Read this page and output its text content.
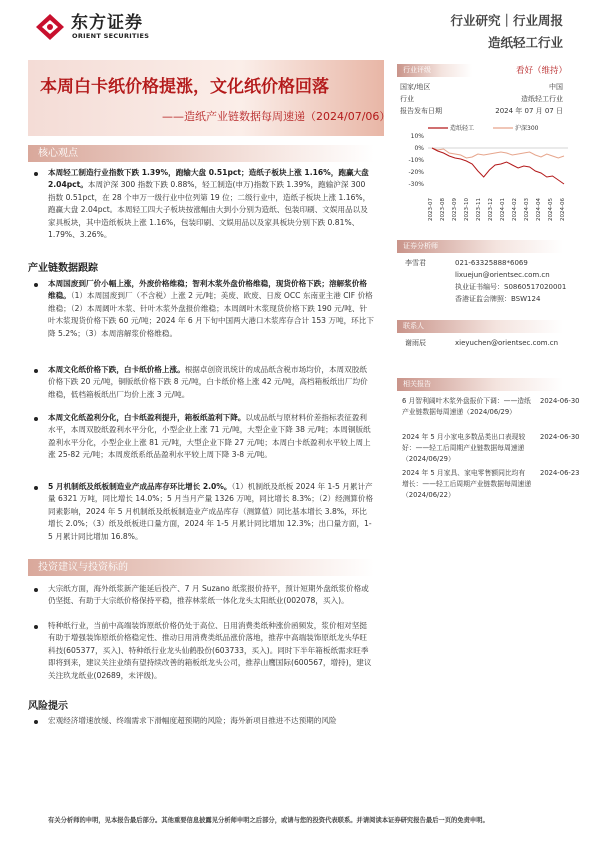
东方证券
ORIENT SECURITIES
行业研究｜行业周报
造纸轻工行业
本周白卡纸价格提涨，文化纸价格回落
——造纸产业链数据每周速递（2024/07/06）
核心观点
本周轻工制造行业指数下跌 1.39%，跑输大盘 0.51pct；造纸子板块上涨 1.16%，跑赢大盘 2.04pct。本周沪深 300 指数下跌 0.88%，轻工制造(申万)指数下跌 1.39%，跑输沪深 300 指数 0.51pct，在 28 个申万一级行业中位列第 19 位；二级行业中，造纸子板块上涨 1.16%，跑赢大盘 2.04pct。本周轻工四大子板块按涨幅由大到小分别为造纸、包装印刷、文娱用品以及家具板块，其中造纸板块上涨 1.16%，包装印刷、文娱用品以及家具板块分别下跌 0.81%、1.79%、3.26%。
产业链数据跟踪
本周国废到厂价小幅上涨，外废价格维稳；智利木浆外盘价格维稳，现货价格下跌；溶解浆价格维稳。（1）本周国废到厂（不含税）上涨 2 元/吨；美废、欧废、日废 OCC 东南亚主港 CIF 价格维稳；（2）本周阔叶木浆、针叶木浆外盘报价维稳；本周阔叶木浆现货价格下跌 190 元/吨、针叶木浆现货价格下跌 60 元/吨；2024 年 6 月下旬中国两大港口木浆库存合计 153 万吨，环比下降 5.2%；（3）本周溶解浆价格维稳。
本周文化纸价格下跌，白卡纸价格上涨。根据卓创资讯统计的成品纸含税市场均价，本周双胶纸价格下跌 20 元/吨，铜版纸价格下跌 8 元/吨，白卡纸价格上涨 42 元/吨，高档箱板纸出厂均价维稳，低档箱板纸出厂均价上涨 3 元/吨。
本周文化纸盈利分化，白卡纸盈利提升，箱板纸盈利下降。以成品纸与原材料价差指标表征盈利水平，本周双胶纸盈利水平分化，小型企业上涨 71 元/吨，大型企业下降 38 元/吨；本周铜版纸盈利水平分化，小型企业上涨 81 元/吨，大型企业下降 27 元/吨；本周白卡纸盈利水平较上周上涨 25-82 元/吨；本周废纸系纸品盈利水平较上周下降 3-8 元/吨。
5 月机制纸及纸板制造业产成品库存环比增长 2.0%。（1）机制纸及纸板 2024 年 1-5 月累计产量 6321 万吨，同比增长 14.0%；5 月当月产量 1326 万吨，同比增长 8.3%；（2）经测算价格同素影响，2024 年 5 月机制纸及纸板制造业产成品库存（测算值）同比基本增长 3.8%，环比增长 2.0%；（3）纸及纸板进口量方面，2024 年 1-5 月累计同比增加 12.3%；出口量方面，1-5 月累计同比增加 16.8%。
投资建议与投资标的
大宗纸方面，海外纸浆新产能延后投产、7 月 Suzano 纸浆报价持平，预计短期外盘纸浆价格或仍坚挺、有助于大宗纸价格保持平稳，推荐林浆纸一体化龙头太阳纸业(002078，买入)。
特种纸行业，当前中高端装饰原纸价格仍处于高位、日用消费类纸种涨价函频发，浆价相对坚挺有助于增强装饰原纸价格稳定性、推动日用消费类纸品涨价落地，推荐中高端装饰原纸龙头华旺科技(605377，买入)、特种纸行业龙头仙鹤股份(603733，买入)。同时下半年箱板纸需求旺季即将到来，建议关注业绩有望持续改善的箱板纸龙头公司，推荐山鹰国际(600567，增持)，建议关注玖龙纸业(02689，未评级)。
风险提示
宏观经济增速放缓、终端需求下滑幅度超预期的风险；海外新项目推进不达预期的风险
行业评级	看好（维持）
国家/地区	中国
行业	造纸轻工行业
报告发布日期	2024 年 07 月 07 日
造纸轻工	沪深300
10%
0%
-10%
-20%
-30%
2023-07 2023-08 2023-09 2023-10 2023-11 2023-12 2024-01 2024-02 2024-03 2024-04 2024-05 2024-06
证券分析师
李雪君	021-63325888*6069
lixuejun@orientsec.com.cn
执业证书编号：S0860517020001
香港证监会牌照：BSW124
联系人
谢雨辰	xieyuchen@orientsec.com.cn
相关报告
6 月智利阔叶木浆外盘报价下调：——造纸产业链数据每周速递（2024/06/29）
2024-06-30
2024 年 5 月小家电多数品类出口表现较好：——轻工后周期产业链数据每周速递（2024/06/29）
2024-06-30
2024 年 5 月家具、家电零售额同比均有增长：——轻工后周期产业链数据每周速递（2024/06/22）
2024-06-23
有关分析师的申明，见本报告最后部分。其他重要信息披露见分析师申明之后部分，或请与您的投资代表联系。并请阅读本证券研究报告最后一页的免责申明。
